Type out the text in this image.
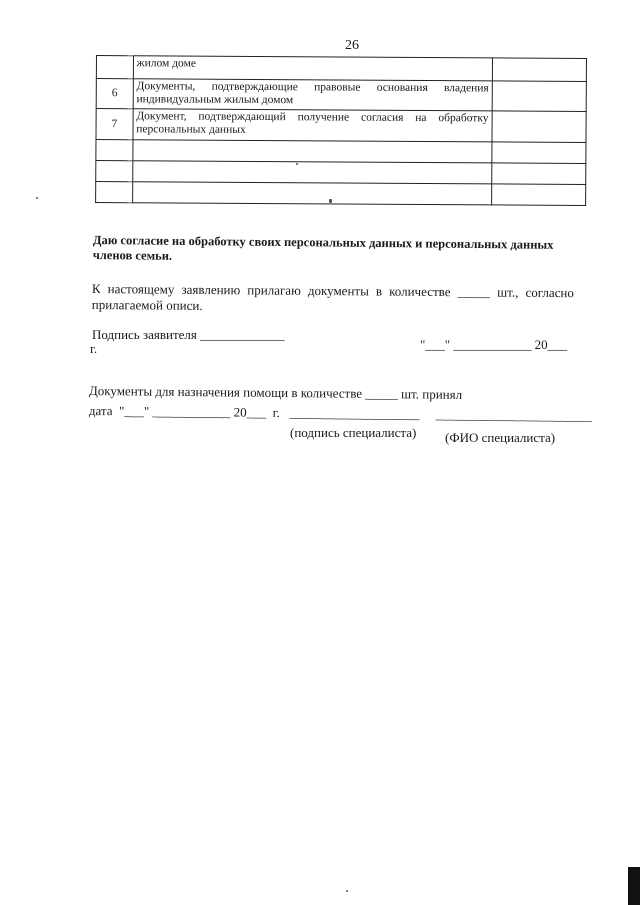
26
	жилом доме	
6	Документы, подтверждающие правовые основания владения индивидуальным жилым домом	
7	Документ, подтверждающий получение согласия на обработку персональных данных	

Даю согласие на обработку своих персональных данных и персональных данных членов семьи.
К настоящему заявлению прилагаю документы в количестве _____ шт., согласно прилагаемой описи.
Подпись заявителя _____________
"___" ____________ 20___
г.
Документы для назначения помощи в количестве _____ шт. принял
дата  "___" ____________ 20___  г.   ____________________     ________________________
(подпись специалиста) (ФИО специалиста)
